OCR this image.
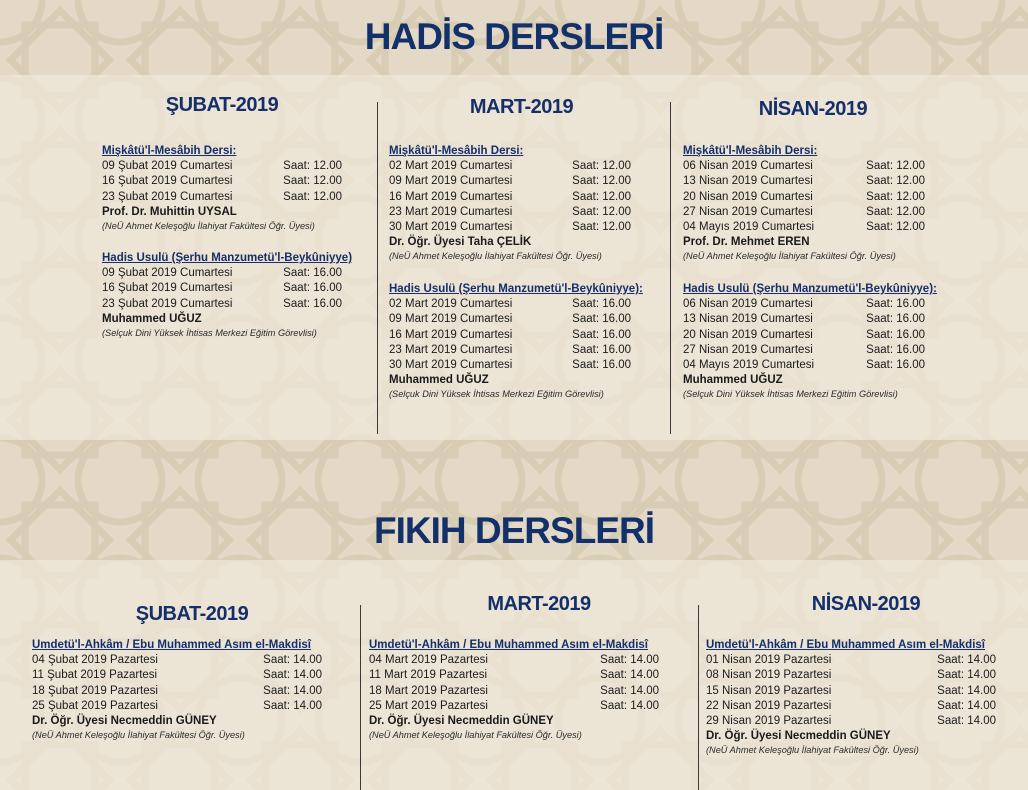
HADİS DERSLERİ
ŞUBAT-2019
Mişkâtü'l-Mesâbih Dersi:
09 Şubat 2019 Cumartesi	Saat: 12.00
16 Şubat 2019 Cumartesi	Saat: 12.00
23 Şubat 2019 Cumartesi	Saat: 12.00
Prof. Dr. Muhittin UYSAL
(NeÜ Ahmet Keleşoğlu İlahiyat Fakültesi Öğr. Üyesi)
Hadis Usulü (Şerhu Manzumetü'l-Beykûniyye)
09 Şubat 2019 Cumartesi	Saat: 16.00
16 Şubat 2019 Cumartesi	Saat: 16.00
23 Şubat 2019 Cumartesi	Saat: 16.00
Muhammed UĞUZ
(Selçuk Dini Yüksek İhtisas Merkezi Eğitim Görevlisi)
MART-2019
Mişkâtü'l-Mesâbih Dersi:
02 Mart 2019 Cumartesi	Saat: 12.00
09 Mart 2019 Cumartesi	Saat: 12.00
16 Mart 2019 Cumartesi	Saat: 12.00
23 Mart 2019 Cumartesi	Saat: 12.00
30 Mart 2019 Cumartesi	Saat: 12.00
Dr. Öğr. Üyesi Taha ÇELİK
(NeÜ Ahmet Keleşoğlu İlahiyat Fakültesi Öğr. Üyesi)
Hadis Usulü (Şerhu Manzumetü'l-Beykûniyye):
02 Mart 2019 Cumartesi	Saat: 16.00
09 Mart 2019 Cumartesi	Saat: 16.00
16 Mart 2019 Cumartesi	Saat: 16.00
23 Mart 2019 Cumartesi	Saat: 16.00
30 Mart 2019 Cumartesi	Saat: 16.00
Muhammed UĞUZ
(Selçuk Dini Yüksek İhtisas Merkezi Eğitim Görevlisi)
NİSAN-2019
Mişkâtü'l-Mesâbih Dersi:
06 Nisan 2019 Cumartesi	Saat: 12.00
13 Nisan 2019 Cumartesi	Saat: 12.00
20 Nisan 2019 Cumartesi	Saat: 12.00
27 Nisan 2019 Cumartesi	Saat: 12.00
04 Mayıs 2019 Cumartesi	Saat: 12.00
Prof. Dr. Mehmet EREN
(NeÜ Ahmet Keleşoğlu İlahiyat Fakültesi Öğr. Üyesi)
Hadis Usulü (Şerhu Manzumetü'l-Beykûniyye):
06 Nisan 2019 Cumartesi	Saat: 16.00
13 Nisan 2019 Cumartesi	Saat: 16.00
20 Nisan 2019 Cumartesi	Saat: 16.00
27 Nisan 2019 Cumartesi	Saat: 16.00
04 Mayıs 2019 Cumartesi	Saat: 16.00
Muhammed UĞUZ
(Selçuk Dini Yüksek İhtisas Merkezi Eğitim Görevlisi)
FIKIH DERSLERİ
ŞUBAT-2019
Umdetü'l-Ahkâm / Ebu Muhammed Asım el-Makdisî
04 Şubat 2019 Pazartesi	Saat: 14.00
11 Şubat 2019 Pazartesi	Saat: 14.00
18 Şubat 2019 Pazartesi	Saat: 14.00
25 Şubat 2019 Pazartesi	Saat: 14.00
Dr. Öğr. Üyesi Necmeddin GÜNEY
(NeÜ Ahmet Keleşoğlu İlahiyat Fakültesi Öğr. Üyesi)
MART-2019
Umdetü'l-Ahkâm / Ebu Muhammed Asım el-Makdisî
04 Mart 2019 Pazartesi	Saat: 14.00
11 Mart 2019 Pazartesi	Saat: 14.00
18 Mart 2019 Pazartesi	Saat: 14.00
25 Mart 2019 Pazartesi	Saat: 14.00
Dr. Öğr. Üyesi Necmeddin GÜNEY
(NeÜ Ahmet Keleşoğlu İlahiyat Fakültesi Öğr. Üyesi)
NİSAN-2019
Umdetü'l-Ahkâm / Ebu Muhammed Asım el-Makdisî
01 Nisan 2019 Pazartesi	Saat: 14.00
08 Nisan 2019 Pazartesi	Saat: 14.00
15 Nisan 2019 Pazartesi	Saat: 14.00
22 Nisan 2019 Pazartesi	Saat: 14.00
29 Nisan 2019 Pazartesi	Saat: 14.00
Dr. Öğr. Üyesi Necmeddin GÜNEY
(NeÜ Ahmet Keleşoğlu İlahiyat Fakültesi Öğr. Üyesi)
